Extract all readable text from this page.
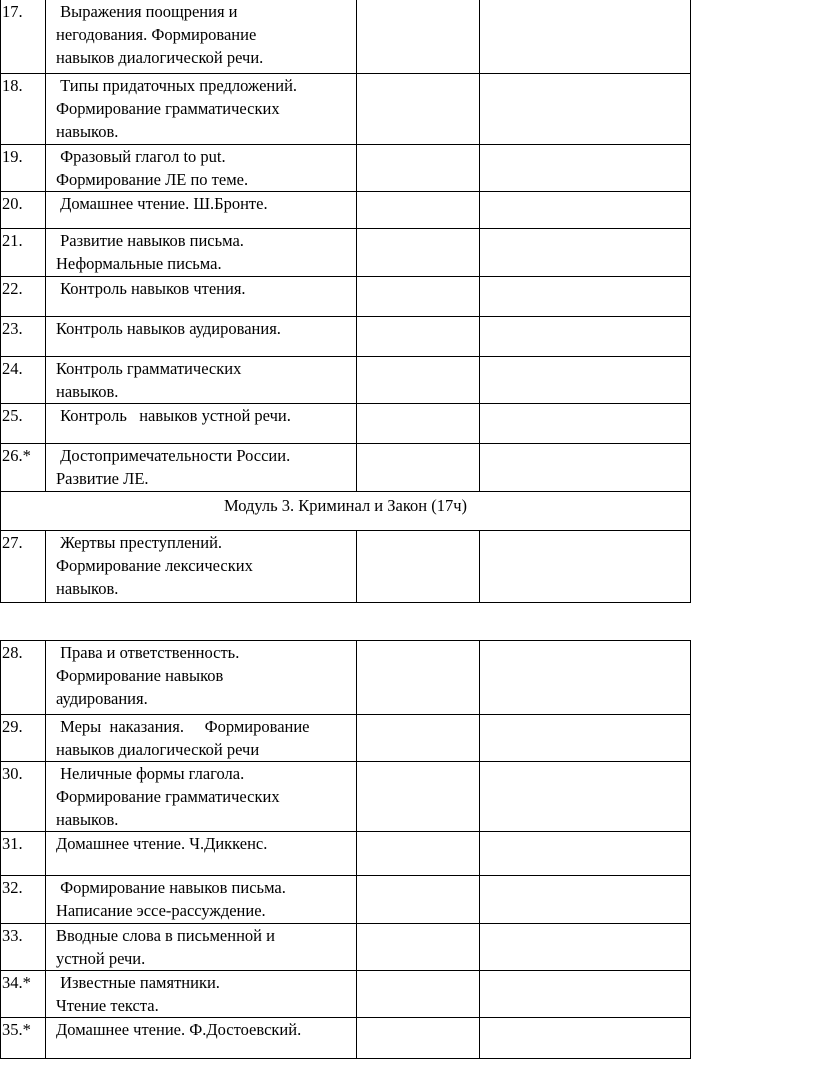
17.	Выражения поощрения и
негодования. Формирование
навыков диалогической речи.		

18.	Типы придаточных предложений.
Формирование грамматических
навыков.		

19.	Фразовый глагол to put.
Формирование ЛЕ по теме.		

20.	Домашнее чтение. Ш.Бронте.		

21.	Развитие навыков письма.
Неформальные письма.		

22.	Контроль навыков чтения.		

23.	Контроль навыков аудирования.		

24.	Контроль грамматических
навыков.		

25.	Контроль   навыков устной речи.		

26.*	Достопримечательности России.
Развитие ЛЕ.		

Модуль 3. Криминал и Закон (17ч)			
27.	Жертвы преступлений.
Формирование лексических
навыков.		

28.	Права и ответственность.
Формирование навыков
аудирования.		

29.	Меры  наказания.     Формирование
навыков диалогической речи		

30.	Неличные формы глагола.
Формирование грамматических
навыков.		

31.	Домашнее чтение. Ч.Диккенс.		

32.	Формирование навыков письма.
Написание эссе-рассуждение.		

33.	Вводные слова в письменной и
устной речи.		

34.*	Известные памятники.
Чтение текста.		

35.*	Домашнее чтение. Ф.Достоевский.		
